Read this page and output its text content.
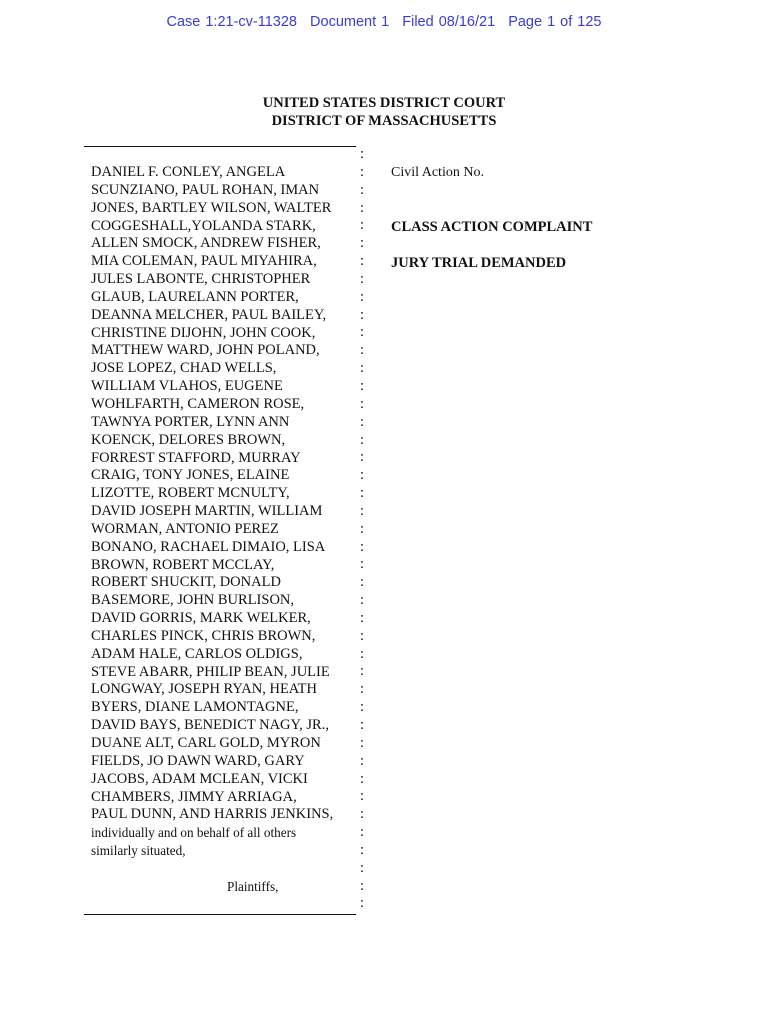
Case 1:21-cv-11328 Document 1 Filed 08/16/21 Page 1 of 125
UNITED STATES DISTRICT COURT
DISTRICT OF MASSACHUSETTS
DANIEL F. CONLEY, ANGELA
SCUNZIANO, PAUL ROHAN, IMAN
JONES, BARTLEY WILSON, WALTER
COGGESHALL,YOLANDA STARK,
ALLEN SMOCK, ANDREW FISHER,
MIA COLEMAN, PAUL MIYAHIRA,
JULES LABONTE, CHRISTOPHER
GLAUB, LAURELANN PORTER,
DEANNA MELCHER, PAUL BAILEY,
CHRISTINE DIJOHN, JOHN COOK,
MATTHEW WARD, JOHN POLAND,
JOSE LOPEZ, CHAD WELLS,
WILLIAM VLAHOS, EUGENE
WOHLFARTH, CAMERON ROSE,
TAWNYA PORTER, LYNN ANN
KOENCK, DELORES BROWN,
FORREST STAFFORD, MURRAY
CRAIG, TONY JONES, ELAINE
LIZOTTE, ROBERT MCNULTY,
DAVID JOSEPH MARTIN, WILLIAM
WORMAN, ANTONIO PEREZ
BONANO, RACHAEL DIMAIO, LISA
BROWN, ROBERT MCCLAY,
ROBERT SHUCKIT, DONALD
BASEMORE, JOHN BURLISON,
DAVID GORRIS, MARK WELKER,
CHARLES PINCK, CHRIS BROWN,
ADAM HALE, CARLOS OLDIGS,
STEVE ABARR, PHILIP BEAN, JULIE
LONGWAY, JOSEPH RYAN, HEATH
BYERS, DIANE LAMONTAGNE,
DAVID BAYS, BENEDICT NAGY, JR.,
DUANE ALT, CARL GOLD, MYRON
FIELDS, JO DAWN WARD, GARY
JACOBS, ADAM MCLEAN, VICKI
CHAMBERS, JIMMY ARRIAGA,
PAUL DUNN, AND HARRIS JENKINS,
individually and on behalf of all others
similarly situated,
Plaintiffs,
:
:
:
:
:
:
:
:
:
:
:
:
:
:
:
:
:
:
:
:
:
:
:
:
:
:
:
:
:
:
:
:
:
:
:
:
:
:
:
:
:
:
:
Civil Action No.
CLASS ACTION COMPLAINT
JURY TRIAL DEMANDED
